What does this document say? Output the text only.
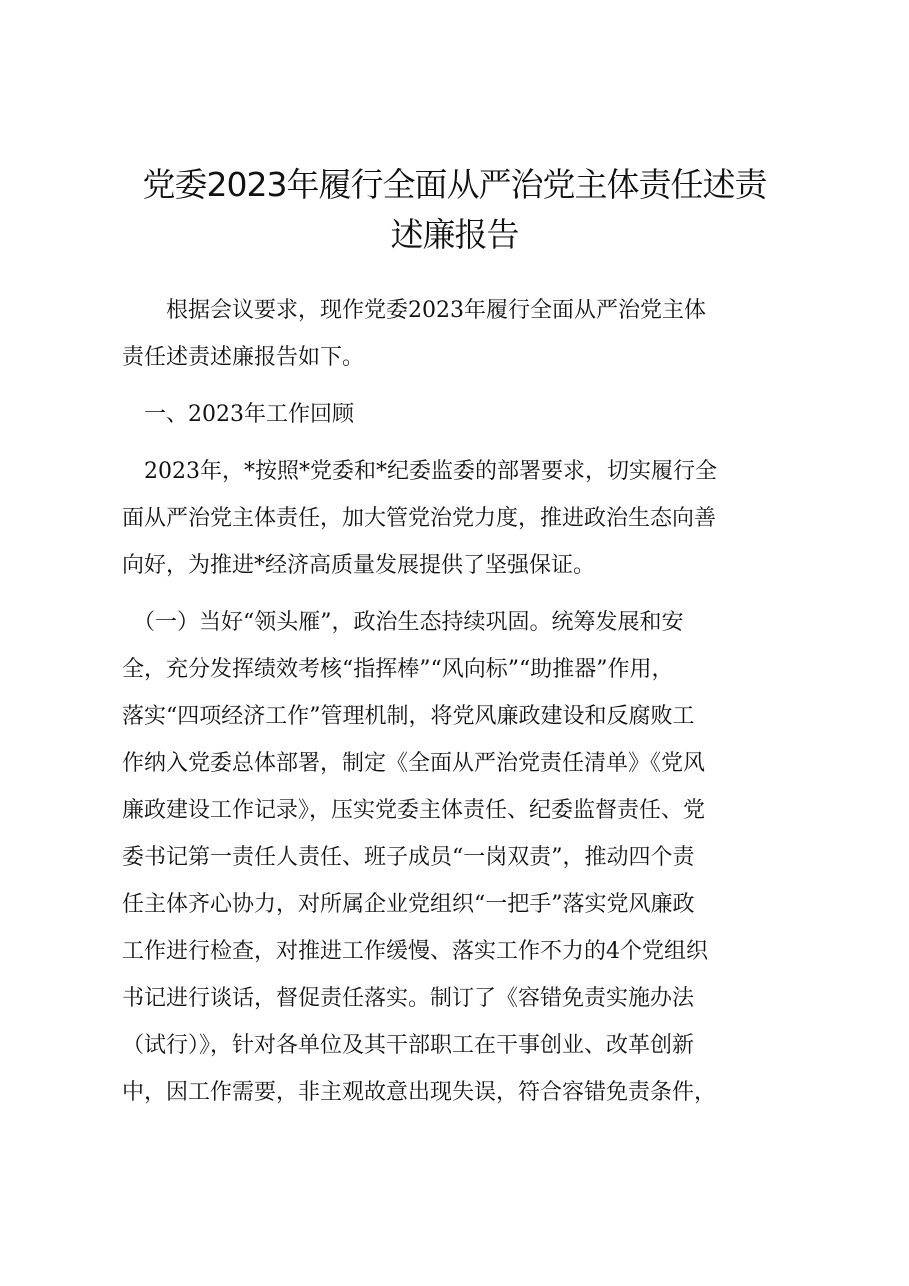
党委2023年履行全面从严治党主体责任述责
述廉报告

　　根据会议要求，现作党委2023年履行全面从严治党主体
责任述责述廉报告如下。

　一、2023年工作回顾

　2023年，*按照*党委和*纪委监委的部署要求，切实履行全
面从严治党主体责任，加大管党治党力度，推进政治生态向善
向好，为推进*经济高质量发展提供了坚强保证。

　（一）当好“领头雁”，政治生态持续巩固。统筹发展和安
全，充分发挥绩效考核“指挥棒”“风向标”“助推器”作用，
落实“四项经济工作”管理机制，将党风廉政建设和反腐败工
作纳入党委总体部署，制定《全面从严治党责任清单》《党风
廉政建设工作记录》，压实党委主体责任、纪委监督责任、党
委书记第一责任人责任、班子成员“一岗双责”，推动四个责
任主体齐心协力，对所属企业党组织“一把手”落实党风廉政
工作进行检查，对推进工作缓慢、落实工作不力的4个党组织
书记进行谈话，督促责任落实。制订了《容错免责实施办法
（试行）》，针对各单位及其干部职工在干事创业、改革创新
中，因工作需要，非主观故意出现失误，符合容错免责条件，
